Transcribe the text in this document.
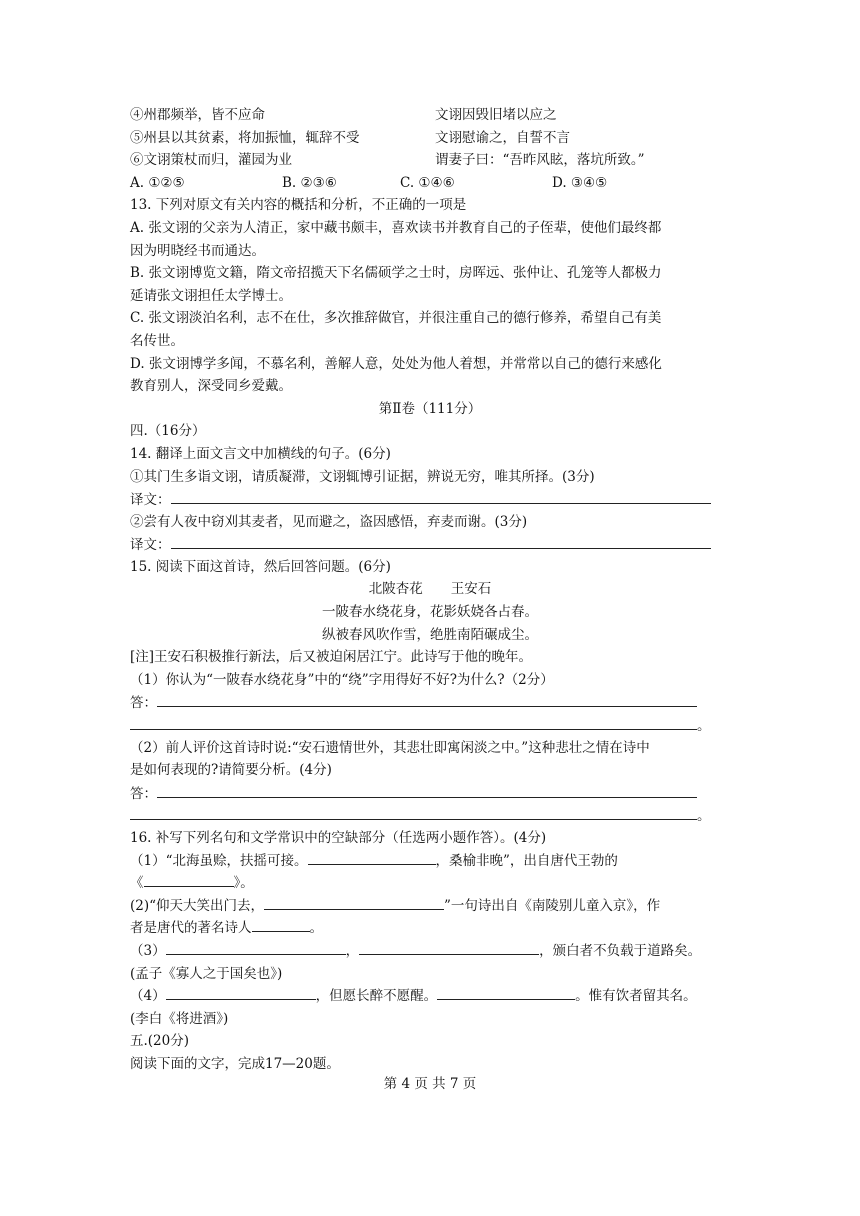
④州郡频举，皆不应命	文诩因毁旧堵以应之
⑤州县以其贫素，将加振恤，辄辞不受	文诩慰谕之，自誓不言
⑥文诩策杖而归，灌园为业	谓妻子曰：“吾昨风眩，落坑所致。”
A. ①②⑤	B. ②③⑥	C. ①④⑥	D. ③④⑤
13. 下列对原文有关内容的概括和分析，不正确的一项是
A. 张文诩的父亲为人清正，家中藏书颇丰，喜欢读书并教育自己的子侄辈，使他们最终都
因为明晓经书而通达。
B. 张文诩博览文籍，隋文帝招揽天下名儒硕学之士时，房晖远、张仲让、孔笼等人都极力
延请张文诩担任太学博士。
C. 张文诩淡泊名利，志不在仕，多次推辞做官，并很注重自己的德行修养，希望自己有美
名传世。
D. 张文诩博学多闻，不慕名利，善解人意，处处为他人着想，并常常以自己的德行来感化
教育别人，深受同乡爱戴。
第Ⅱ卷（111分）
四.（16分）
14. 翻译上面文言文中加横线的句子。(6分)
①其门生多诣文诩，请质凝滞，文诩辄博引证据，辨说无穷，唯其所择。(3分)
译文：
②尝有人夜中窃刈其麦者，见而避之，盗因感悟，弃麦而谢。(3分)
译文：
15. 阅读下面这首诗，然后回答问题。(6分)
北陂杏花 王安石
一陂春水绕花身，花影妖娆各占春。
纵被春风吹作雪，绝胜南陌碾成尘。
[注]王安石积极推行新法，后又被迫闲居江宁。此诗写于他的晚年。
（1）你认为“一陂春水绕花身”中的“绕”字用得好不好?为什么?（2分）
答：
。
（2）前人评价这首诗时说:“安石遗情世外，其悲壮即寓闲淡之中。”这种悲壮之情在诗中
是如何表现的?请简要分析。(4分)
答：
。
16. 补写下列名句和文学常识中的空缺部分（任选两小题作答）。(4分)
（1）“北海虽赊，扶摇可接。	，桑榆非晚”，出自唐代王勃的
《	》。
(2)“仰天大笑出门去，	”一句诗出自《南陵别儿童入京》，作
者是唐代的著名诗人	。
（3）	，	，颁白者不负载于道路矣。
(孟子《寡人之于国矣也》)
（4）	，但愿长醉不愿醒。	。惟有饮者留其名。
(李白《将进酒》)
五.(20分)
阅读下面的文字，完成17—20题。
第 4 页 共 7 页
